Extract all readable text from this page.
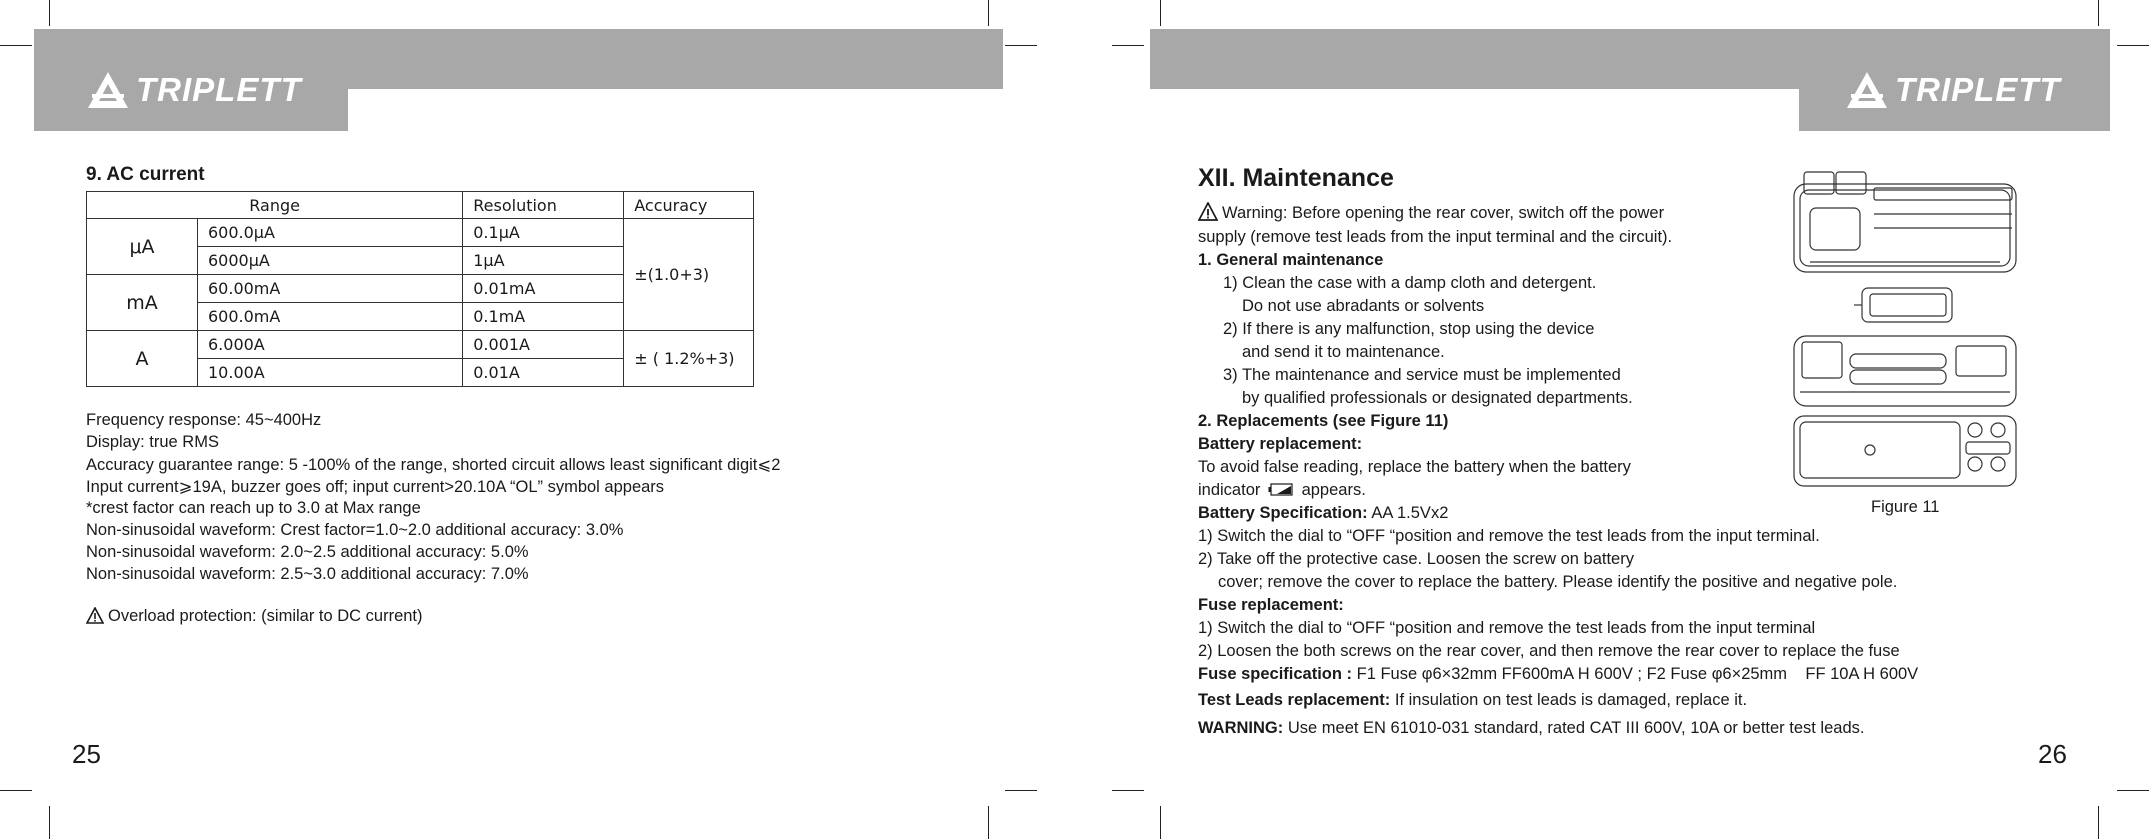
TRIPLETT
9. AC current
Range		Resolution	Accuracy
μA	600.0μA	0.1μA	±(1.0+3)
	6000μA	1μA	
mA	60.00mA	0.01mA	
	600.0mA	0.1mA	
A	6.000A	0.001A	± ( 1.2%+3)
	10.00A	0.01A	
Frequency response: 45~400Hz
Display: true RMS
Accuracy guarantee range: 5 -100% of the range, shorted circuit allows least significant digit⩽2
Input current⩾19A, buzzer goes off; input current>20.10A “OL” symbol appears
*crest factor can reach up to 3.0 at Max range
Non-sinusoidal waveform: Crest factor=1.0~2.0 additional accuracy: 3.0%
Non-sinusoidal waveform: 2.0~2.5 additional accuracy: 5.0%
Non-sinusoidal waveform: 2.5~3.0 additional accuracy: 7.0%
Overload protection: (similar to DC current)
25
TRIPLETT
XII. Maintenance
Warning: Before opening the rear cover, switch off the power
supply (remove test leads from the input terminal and the circuit).
1. General maintenance
1) Clean the case with a damp cloth and detergent.
Do not use abradants or solvents
2) If there is any malfunction, stop using the device
and send it to maintenance.
3) The maintenance and service must be implemented
by qualified professionals or designated departments.
2. Replacements (see Figure 11)
Battery replacement:
To avoid false reading, replace the battery when the battery
indicator appears.
Battery Specification: AA 1.5Vx2
1) Switch the dial to “OFF “position and remove the test leads from the input terminal.
2) Take off the protective case. Loosen the screw on battery
cover; remove the cover to replace the battery. Please identify the positive and negative pole.
Fuse replacement:
1) Switch the dial to “OFF “position and remove the test leads from the input terminal
2) Loosen the both screws on the rear cover, and then remove the rear cover to replace the fuse
Fuse specification : F1 Fuse φ6×32mm FF600mA H 600V ; F2 Fuse φ6×25mm    FF 10A H 600V
Test Leads replacement: If insulation on test leads is damaged, replace it.
WARNING: Use meet EN 61010-031 standard, rated CAT III 600V, 10A or better test leads.
Figure 11
26
